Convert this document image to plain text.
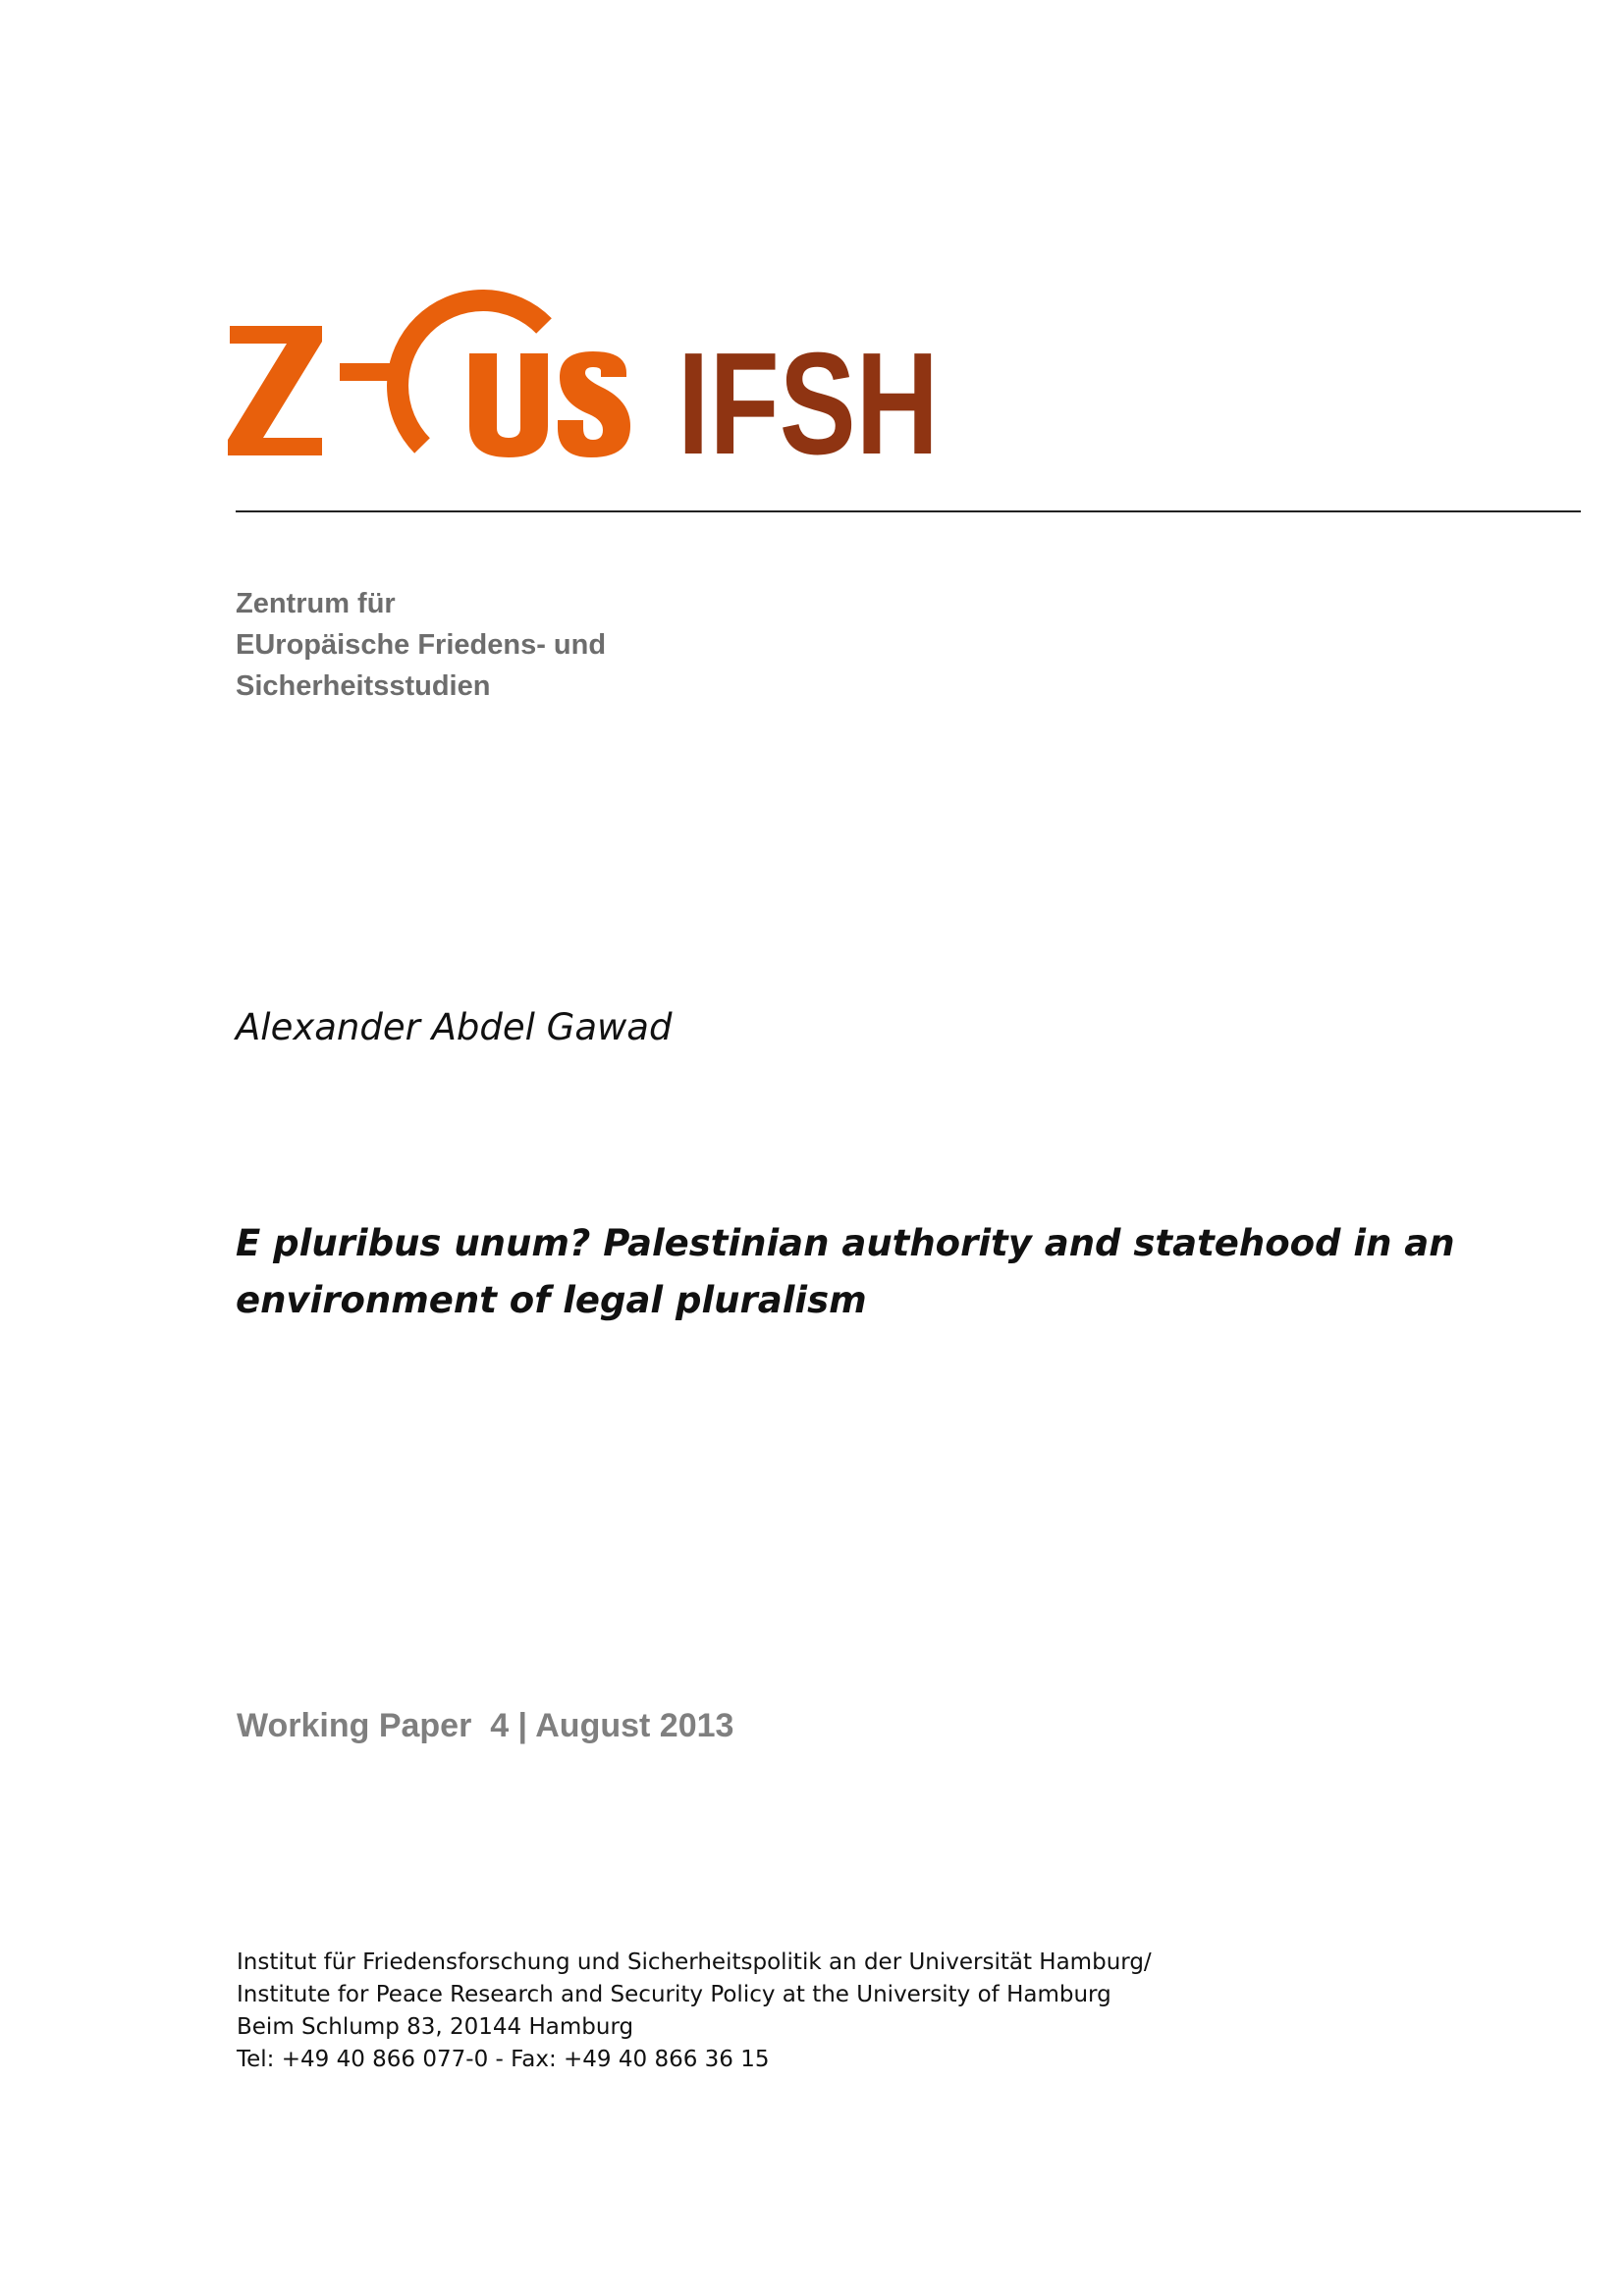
IFSH
Zentrum für
EUropäische Friedens- und
Sicherheitsstudien
Alexander Abdel Gawad
E pluribus unum? Palestinian authority and statehood in an
environment of legal pluralism
Working Paper  4 | August 2013
Institut für Friedensforschung und Sicherheitspolitik an der Universität Hamburg/
Institute for Peace Research and Security Policy at the University of Hamburg
Beim Schlump 83, 20144 Hamburg
Tel: +49 40 866 077-0 - Fax: +49 40 866 36 15
